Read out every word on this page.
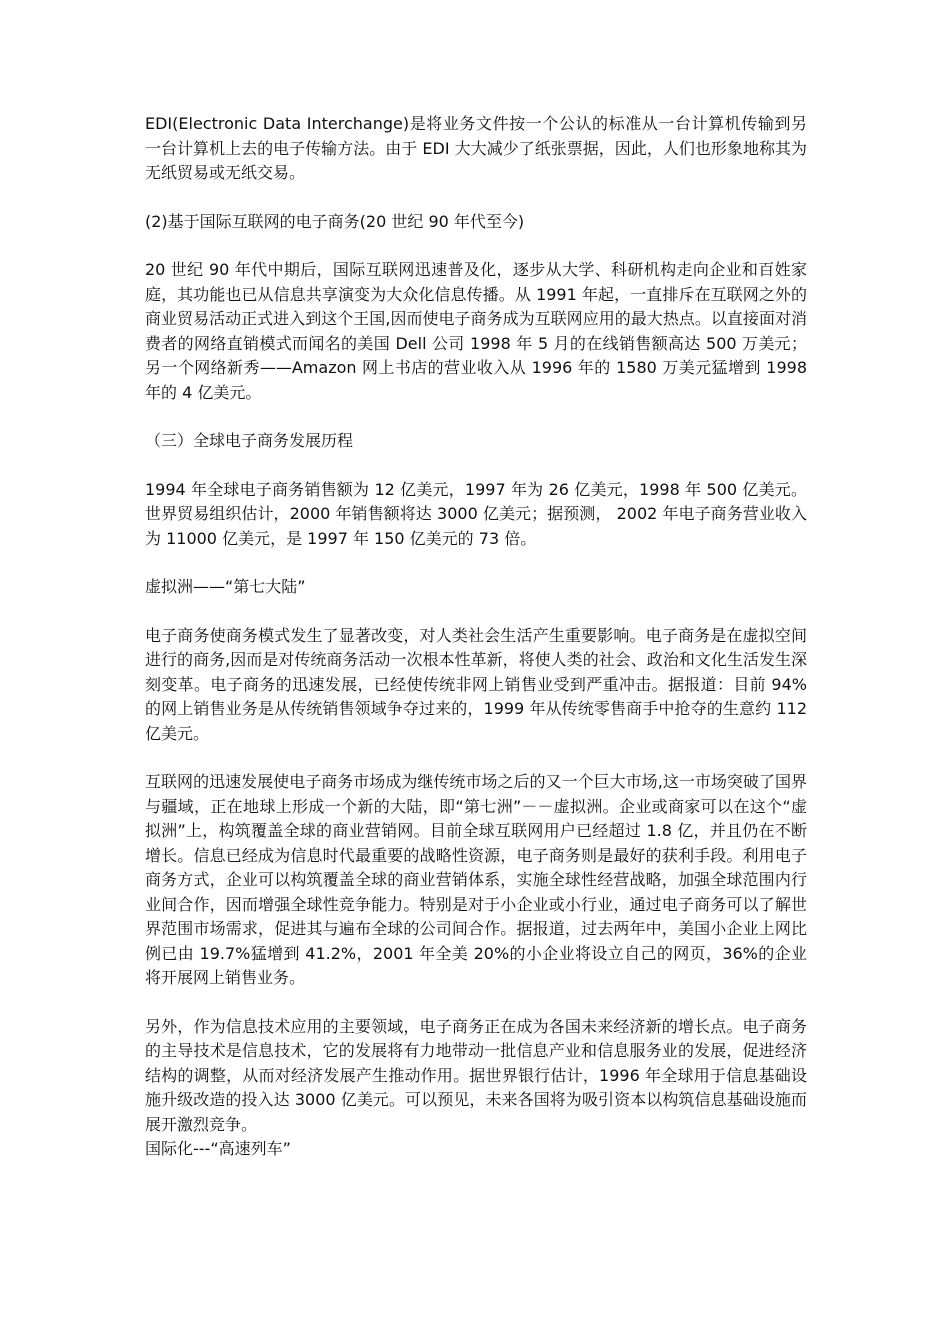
EDI(Electronic Data Interchange)是将业务文件按一个公认的标准从一台计算机传输到另一台计算机上去的电子传输方法。由于 EDI 大大减少了纸张票据，因此，人们也形象地称其为无纸贸易或无纸交易。

(2)基于国际互联网的电子商务(20 世纪 90 年代至今)

20 世纪 90 年代中期后，国际互联网迅速普及化，逐步从大学、科研机构走向企业和百姓家庭，其功能也已从信息共享演变为大众化信息传播。从 1991 年起，一直排斥在互联网之外的商业贸易活动正式进入到这个王国,因而使电子商务成为互联网应用的最大热点。以直接面对消费者的网络直销模式而闻名的美国 Dell 公司 1998 年 5 月的在线销售额高达 500 万美元；另一个网络新秀——Amazon 网上书店的营业收入从 1996 年的 1580 万美元猛增到 1998 年的 4 亿美元。

（三）全球电子商务发展历程

1994 年全球电子商务销售额为 12 亿美元，1997 年为 26 亿美元，1998 年 500 亿美元。世界贸易组织估计，2000 年销售额将达 3000 亿美元；据预测， 2002 年电子商务营业收入为 11000 亿美元，是 1997 年 150 亿美元的 73 倍。

虚拟洲——“第七大陆”

电子商务使商务模式发生了显著改变，对人类社会生活产生重要影响。电子商务是在虚拟空间进行的商务,因而是对传统商务活动一次根本性革新，将使人类的社会、政治和文化生活发生深刻变革。电子商务的迅速发展，已经使传统非网上销售业受到严重冲击。据报道：目前 94%的网上销售业务是从传统销售领域争夺过来的，1999 年从传统零售商手中抢夺的生意约 112 亿美元。

互联网的迅速发展使电子商务市场成为继传统市场之后的又一个巨大市场,这一市场突破了国界与疆域，正在地球上形成一个新的大陆，即“第七洲”－－虚拟洲。企业或商家可以在这个“虚拟洲”上，构筑覆盖全球的商业营销网。目前全球互联网用户已经超过 1.8 亿，并且仍在不断增长。信息已经成为信息时代最重要的战略性资源，电子商务则是最好的获利手段。利用电子商务方式，企业可以构筑覆盖全球的商业营销体系，实施全球性经营战略，加强全球范围内行业间合作，因而增强全球性竞争能力。特别是对于小企业或小行业，通过电子商务可以了解世界范围市场需求，促进其与遍布全球的公司间合作。据报道，过去两年中，美国小企业上网比例已由 19.7%猛增到 41.2%，2001 年全美 20%的小企业将设立自己的网页，36%的企业将开展网上销售业务。

另外，作为信息技术应用的主要领域，电子商务正在成为各国未来经济新的增长点。电子商务的主导技术是信息技术，它的发展将有力地带动一批信息产业和信息服务业的发展，促进经济结构的调整，从而对经济发展产生推动作用。据世界银行估计，1996 年全球用于信息基础设施升级改造的投入达 3000 亿美元。可以预见，未来各国将为吸引资本以构筑信息基础设施而展开激烈竞争。

国际化---“高速列车”
